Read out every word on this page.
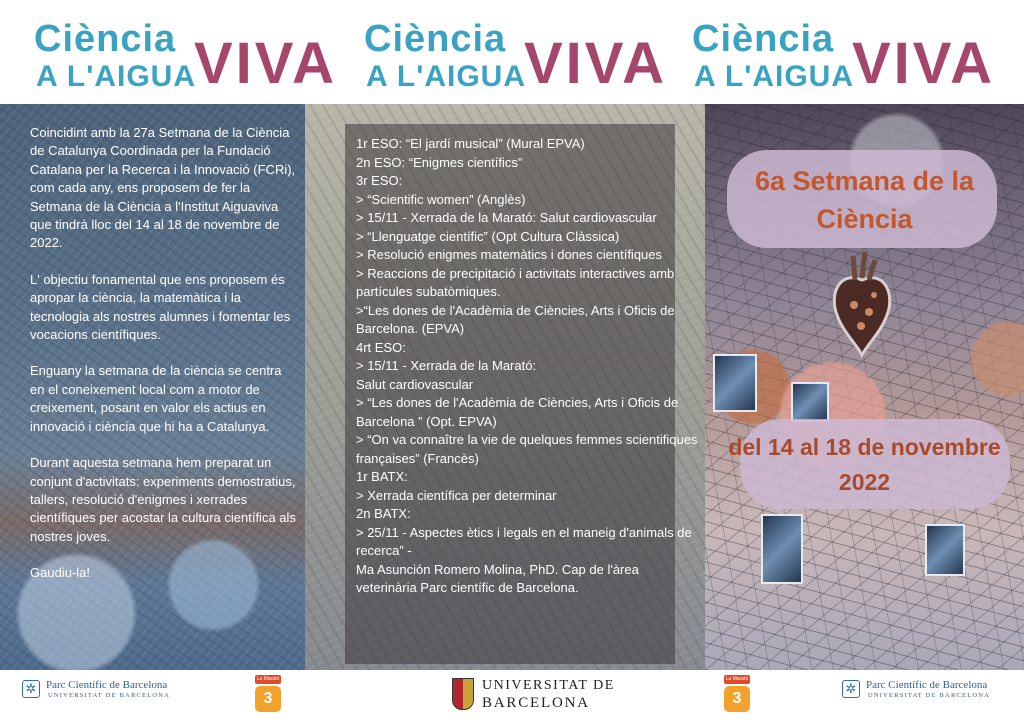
Ciència
A L'AIGUA
VIVA Ciència
A L'AIGUA
VIVA Ciència
A L'AIGUA
VIVA

Coincidint amb la 27a Setmana de la Ciència de Catalunya Coordinada per la Fundació Catalana per la Recerca i la Innovació (FCRi), com cada any, ens proposem de fer la Setmana de la Ciència a l'Institut Aiguaviva que tindrà lloc del 14 al 18 de novembre de 2022.

L' objectiu fonamental que ens proposem és apropar la ciència, la matemàtica i la tecnologia als nostres alumnes i fomentar les vocacions científiques.

Enguany la setmana de la ciència se centra en el coneixement local com a motor de creixement, posant en valor els actius en innovació i ciència que hi ha a Catalunya.

Durant aquesta setmana hem preparat un conjunt d'activitats: experiments demostratius, tallers, resolució d'enigmes i xerrades científiques per acostar la cultura científica als nostres joves.

Gaudiu-la!

1r ESO: “El jardí musical” (Mural EPVA)
2n ESO: “Enigmes científics”
3r ESO:
> “Scientific women” (Anglès)
> 15/11 - Xerrada de la Marató: Salut cardiovascular
> “Llenguatge científic” (Opt Cultura Clàssica)
> Resolució enigmes matemàtics i dones científiques
> Reaccions de precipitació i activitats interactives amb partícules subatòmiques.
>“Les dones de l'Acadèmia de Ciències, Arts i Oficis de Barcelona. (EPVA)
4rt ESO:
> 15/11 - Xerrada de la Marató:
Salut cardiovascular
> “Les dones de l'Acadèmia de Ciències, Arts i Oficis de Barcelona ” (Opt. EPVA)
> “On va connaître la vie de quelques femmes scientifiques françaises” (Francès)
1r BATX:
> Xerrada científica per determinar
2n BATX:
> 25/11 - Aspectes ètics i legals en el maneig d'animals de recerca” -
Ma Asunción Romero Molina, PhD. Cap de l'àrea veterinària Parc científic de Barcelona.
6a Setmana de la Ciència
del 14 al 18 de novembre 2022
✲ Parc Científic de Barcelona
UNIVERSITAT DE BARCELONA
La Marató
3
UNIVERSITAT DE
BARCELONA
La Marató
3
✲ Parc Científic de Barcelona
UNIVERSITAT DE BARCELONA
